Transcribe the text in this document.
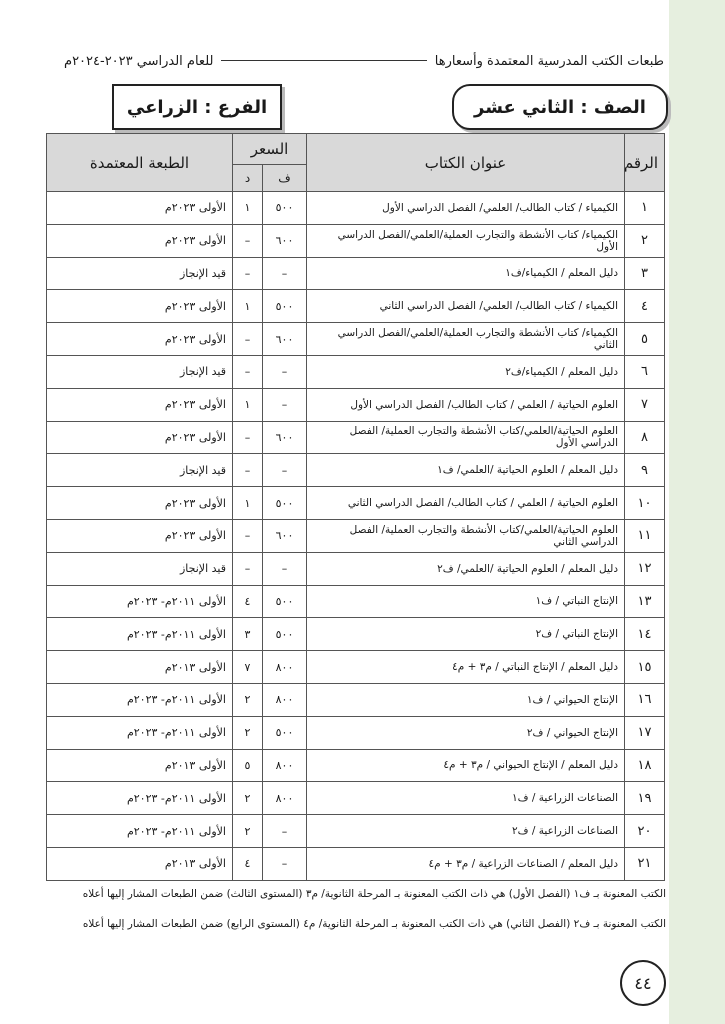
طبعات الكتب المدرسية المعتمدة وأسعارها
للعام الدراسي ٢٠٢٣-٢٠٢٤م
الصف : الثاني عشر
الفرع : الزراعي
الرقم	عنوان الكتاب	السعر		الطبعة المعتمدة
		ف	د	
١	الكيمياء / كتاب الطالب/ العلمي/ الفصل الدراسي الأول	٥٠٠	١	الأولى ٢٠٢٣م
٢	الكيمياء/ كتاب الأنشطة والتجارب العملية/العلمي/الفصل الدراسي الأول	٦٠٠	–	الأولى ٢٠٢٣م
٣	دليل المعلم / الكيمياء/ف١	–	–	قيد الإنجاز
٤	الكيمياء / كتاب الطالب/ العلمي/ الفصل الدراسي الثاني	٥٠٠	١	الأولى ٢٠٢٣م
٥	الكيمياء/ كتاب الأنشطة والتجارب العملية/العلمي/الفصل الدراسي الثاني	٦٠٠	–	الأولى ٢٠٢٣م
٦	دليل المعلم / الكيمياء/ف٢	–	–	قيد الإنجاز
٧	العلوم الحياتية / العلمي / كتاب الطالب/ الفصل الدراسي الأول	–	١	الأولى ٢٠٢٣م
٨	العلوم الحياتية/العلمي/كتاب الأنشطة والتجارب العملية/ الفصل الدراسي الأول	٦٠٠	–	الأولى ٢٠٢٣م
٩	دليل المعلم / العلوم الحياتية /العلمي/ ف١	–	–	قيد الإنجاز
١٠	العلوم الحياتية / العلمي / كتاب الطالب/ الفصل الدراسي الثاني	٥٠٠	١	الأولى ٢٠٢٣م
١١	العلوم الحياتية/العلمي/كتاب الأنشطة والتجارب العملية/ الفصل الدراسي الثاني	٦٠٠	–	الأولى ٢٠٢٣م
١٢	دليل المعلم / العلوم الحياتية /العلمي/ ف٢	–	–	قيد الإنجاز
١٣	الإنتاج النباتي / ف١	٥٠٠	٤	الأولى ٢٠١١م- ٢٠٢٣م
١٤	الإنتاج النباتي / ف٢	٥٠٠	٣	الأولى ٢٠١١م- ٢٠٢٣م
١٥	دليل المعلم / الإنتاج النباتي / م٣ + م٤	٨٠٠	٧	الأولى ٢٠١٣م
١٦	الإنتاج الحيواني / ف١	٨٠٠	٢	الأولى ٢٠١١م- ٢٠٢٣م
١٧	الإنتاج الحيواني / ف٢	٥٠٠	٢	الأولى ٢٠١١م- ٢٠٢٣م
١٨	دليل المعلم / الإنتاج الحيواني / م٣ + م٤	٨٠٠	٥	الأولى ٢٠١٣م
١٩	الصناعات الزراعية / ف١	٨٠٠	٢	الأولى ٢٠١١م- ٢٠٢٣م
٢٠	الصناعات الزراعية / ف٢	–	٢	الأولى ٢٠١١م- ٢٠٢٣م
٢١	دليل المعلم / الصناعات الزراعية / م٣ + م٤	–	٤	الأولى ٢٠١٣م
الكتب المعنونة بـ ف١ (الفصل الأول) هي ذات الكتب المعنونة بـ المرحلة الثانوية/ م٣ (المستوى الثالث) ضمن الطبعات المشار إليها أعلاه
الكتب المعنونة بـ ف٢ (الفصل الثاني) هي ذات الكتب المعنونة بـ المرحلة الثانوية/ م٤ (المستوى الرابع) ضمن الطبعات المشار إليها أعلاه
٤٤
